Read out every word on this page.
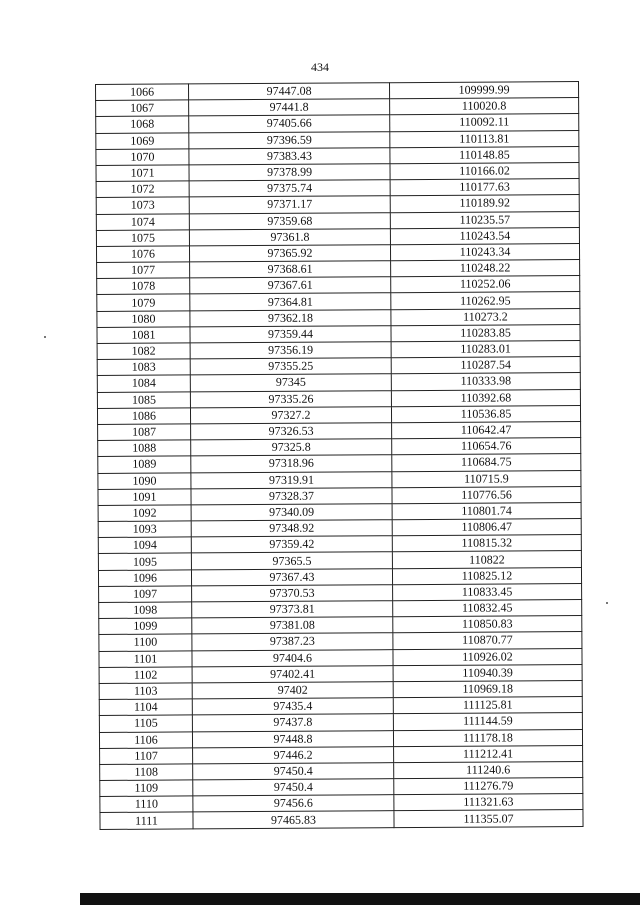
434
1066	97447.08	109999.99
1067	97441.8	110020.8
1068	97405.66	110092.11
1069	97396.59	110113.81
1070	97383.43	110148.85
1071	97378.99	110166.02
1072	97375.74	110177.63
1073	97371.17	110189.92
1074	97359.68	110235.57
1075	97361.8	110243.54
1076	97365.92	110243.34
1077	97368.61	110248.22
1078	97367.61	110252.06
1079	97364.81	110262.95
1080	97362.18	110273.2
1081	97359.44	110283.85
1082	97356.19	110283.01
1083	97355.25	110287.54
1084	97345	110333.98
1085	97335.26	110392.68
1086	97327.2	110536.85
1087	97326.53	110642.47
1088	97325.8	110654.76
1089	97318.96	110684.75
1090	97319.91	110715.9
1091	97328.37	110776.56
1092	97340.09	110801.74
1093	97348.92	110806.47
1094	97359.42	110815.32
1095	97365.5	110822
1096	97367.43	110825.12
1097	97370.53	110833.45
1098	97373.81	110832.45
1099	97381.08	110850.83
1100	97387.23	110870.77
1101	97404.6	110926.02
1102	97402.41	110940.39
1103	97402	110969.18
1104	97435.4	111125.81
1105	97437.8	111144.59
1106	97448.8	111178.18
1107	97446.2	111212.41
1108	97450.4	111240.6
1109	97450.4	111276.79
1110	97456.6	111321.63
1111	97465.83	111355.07
